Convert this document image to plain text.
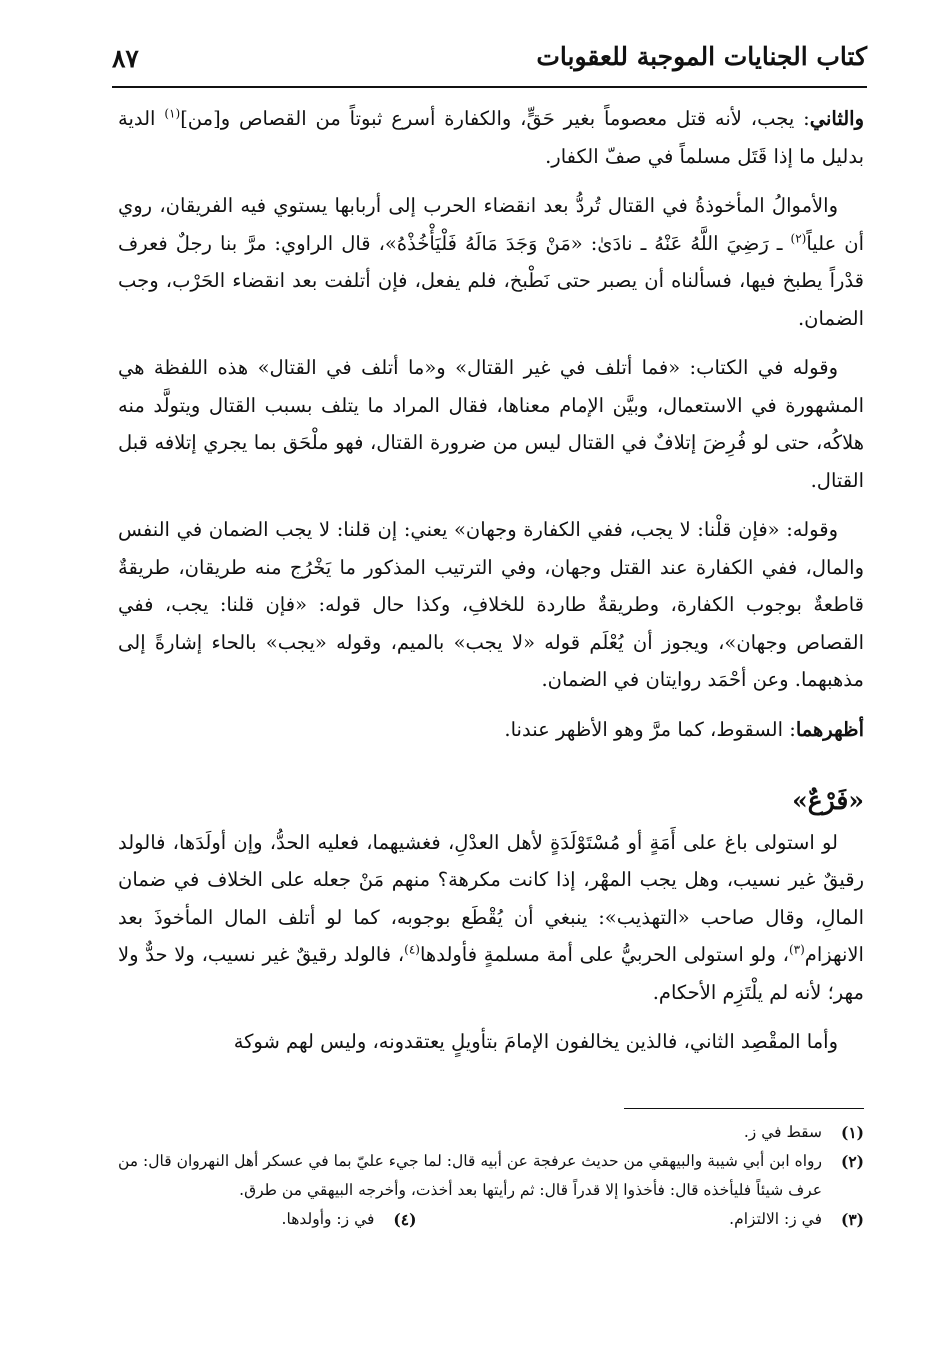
كتاب الجنايات الموجبة للعقوبات
٨٧

والثاني: يجب، لأنه قتل معصوماً بغير حَقٍّ، والكفارة أسرع ثبوتاً من القصاص و[من]$^{(١)}$ الدية بدليل ما إذا قَتَل مسلماً في صفّ الكفار.

والأموالُ المأخوذةُ في القتال تُردُّ بعد انقضاء الحرب إلى أربابها يستوي فيه الفريقان، روي أن علياً$^{(٢)}$ ـ رَضِيَ اللَّهُ عَنْهُ ـ نادَىٰ: «مَنْ وَجَدَ مَالَهُ فَلْيَأْخُذْهُ»، قال الراوي: مرَّ بنا رجلٌ فعرف قدْراً يطبخ فيها، فسألناه أن يصبر حتى نَطْبخ، فلم يفعل، فإن أتلفت بعد انقضاء الحَرْب، وجب الضمان.

وقوله في الكتاب: «فما أتلف في غير القتال» و«ما أتلف في القتال» هذه اللفظة هي المشهورة في الاستعمال، وبيَّن الإمام معناها، فقال المراد ما يتلف بسبب القتال ويتولَّد منه هلاكُه، حتى لو فُرِضَ إتلافٌ في القتال ليس من ضرورة القتال، فهو ملْحَق بما يجري إتلافه قبل القتال.

وقوله: «فإن قلْنا: لا يجب، ففي الكفارة وجهان» يعني: إن قلنا: لا يجب الضمان في النفس والمال، ففي الكفارة عند القتل وجهان، وفي الترتيب المذكور ما يَخْرُج منه طريقان، طريقةٌ قاطعةٌ بوجوب الكفارة، وطريقةٌ طاردة للخلافِ، وكذا حال قوله: «فإن قلنا: يجب، ففي القصاص وجهان»، ويجوز أن يُعْلَم قوله «لا يجب» بالميم، وقوله «يجب» بالحاء إشارةً إلى مذهبهما. وعن أحْمَد روايتان في الضمان.

أظهرهما: السقوط، كما مرَّ وهو الأظهر عندنا.

«فَرْعٌ»

لو استولى باغ على أَمَةٍ أو مُسْتَوْلَدَةٍ لأهل العدْلِ، فغشيهما، فعليه الحدُّ، وإن أولَدَها، فالولد رقيقٌ غير نسيب، وهل يجب المهْر، إذا كانت مكرهة؟ منهم مَنْ جعله على الخلاف في ضمان المالِ، وقال صاحب «التهذيب»: ينبغي أن يُقْطَع بوجوبه، كما لو أتلف المال المأخوذَ بعد الانهزام$^{(٣)}$، ولو استولى الحربيُّ على أمة مسلمةٍ فأولدها$^{(٤)}$، فالولد رقيقٌ غير نسيب، ولا حدٌّ ولا مهر؛ لأنه لم يلْتَزِم الأحكام.

وأما المقْصِد الثاني، فالذين يخالفون الإمامَ بتأويلٍ يعتقدونه، وليس لهم شوكة

(١)
سقط في ز.
(٢)
رواه ابن أبي شيبة والبيهقي من حديث عرفجة عن أبيه قال: لما جيء عليّ بما في عسكر أهل النهروان قال: من عرف شيئاً فليأخذه قال: فأخذوا إلا قدراً قال: ثم رأيتها بعد أخذت، وأخرجه البيهقي من طرق.
(٣)
في ز: الالتزام.
(٤)
في ز: وأولدها.
